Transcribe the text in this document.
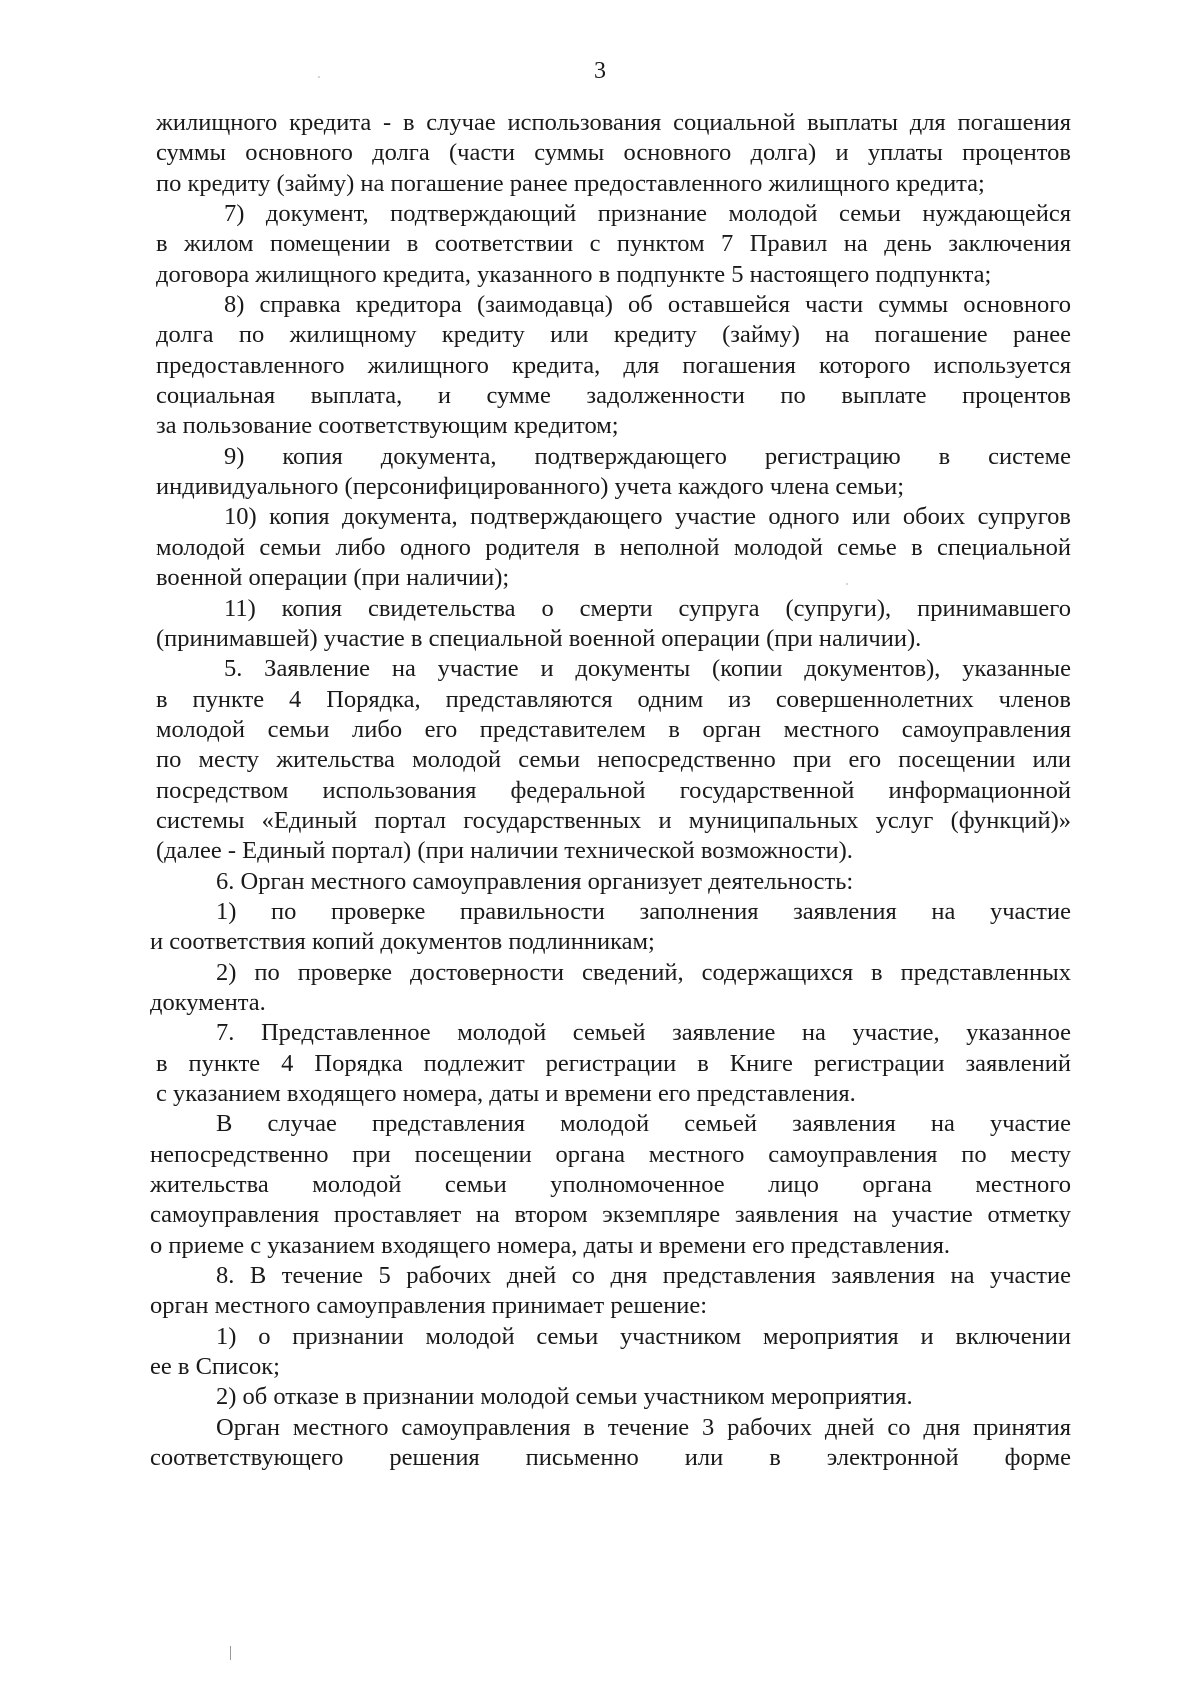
3
жилищного кредита - в случае использования социальной выплаты для погашения
суммы основного долга (части суммы основного долга) и уплаты процентов
по кредиту (займу) на погашение ранее предоставленного жилищного кредита;
7) документ, подтверждающий признание молодой семьи нуждающейся
в жилом помещении в соответствии с пунктом 7 Правил на день заключения
договора жилищного кредита, указанного в подпункте 5 настоящего подпункта;
8) справка кредитора (заимодавца) об оставшейся части суммы основного
долга по жилищному кредиту или кредиту (займу) на погашение ранее
предоставленного жилищного кредита, для погашения которого используется
социальная выплата, и сумме задолженности по выплате процентов
за пользование соответствующим кредитом;
9) копия документа, подтверждающего регистрацию в системе
индивидуального (персонифицированного) учета каждого члена семьи;
10) копия документа, подтверждающего участие одного или обоих супругов
молодой семьи либо одного родителя в неполной молодой семье в специальной
военной операции (при наличии);
11) копия свидетельства о смерти супруга (супруги), принимавшего
(принимавшей) участие в специальной военной операции (при наличии).
5. Заявление на участие и документы (копии документов), указанные
в пункте 4 Порядка, представляются одним из совершеннолетних членов
молодой семьи либо его представителем в орган местного самоуправления
по месту жительства молодой семьи непосредственно при его посещении или
посредством использования федеральной государственной информационной
системы «Единый портал государственных и муниципальных услуг (функций)»
(далее - Единый портал) (при наличии технической возможности).
6. Орган местного самоуправления организует деятельность:
1) по проверке правильности заполнения заявления на участие
и соответствия копий документов подлинникам;
2) по проверке достоверности сведений, содержащихся в представленных
документа.
7. Представленное молодой семьей заявление на участие, указанное
в пункте 4 Порядка подлежит регистрации в Книге регистрации заявлений
с указанием входящего номера, даты и времени его представления.
В случае представления молодой семьей заявления на участие
непосредственно при посещении органа местного самоуправления по месту
жительства молодой семьи уполномоченное лицо органа местного
самоуправления проставляет на втором экземпляре заявления на участие отметку
о приеме с указанием входящего номера, даты и времени его представления.
8. В течение 5 рабочих дней со дня представления заявления на участие
орган местного самоуправления принимает решение:
1) о признании молодой семьи участником мероприятия и включении
ее в Список;
2) об отказе в признании молодой семьи участником мероприятия.
Орган местного самоуправления в течение 3 рабочих дней со дня принятия
соответствующего решения письменно или в электронной форме
